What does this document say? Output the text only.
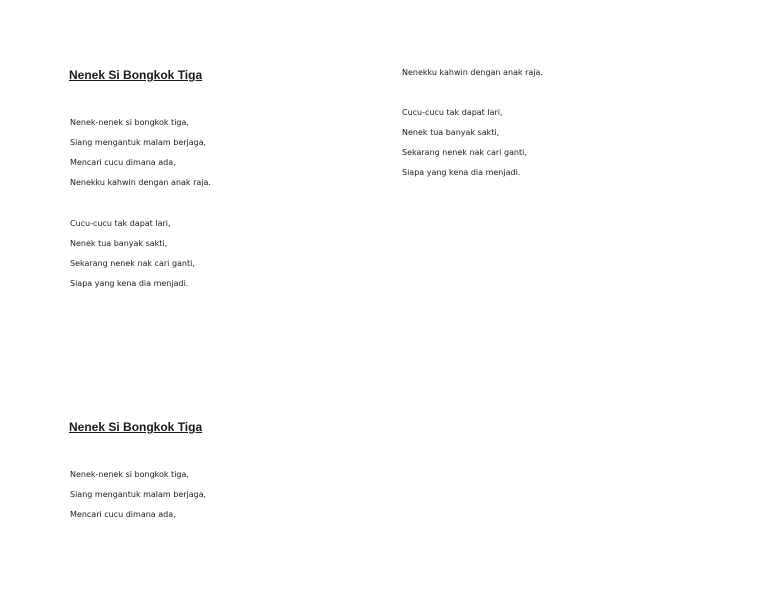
Nenek Si Bongkok Tiga

Nenek-nenek si bongkok tiga,

Siang mengantuk malam berjaga,

Mencari cucu dimana ada,

Nenekku kahwin dengan anak raja.

Cucu-cucu tak dapat lari,

Nenek tua banyak sakti,

Sekarang nenek nak cari ganti,

Siapa yang kena dia menjadi.

Nenekku kahwin dengan anak raja.

Cucu-cucu tak dapat lari,

Nenek tua banyak sakti,

Sekarang nenek nak cari ganti,

Siapa yang kena dia menjadi.

Nenek Si Bongkok Tiga

Nenek-nenek si bongkok tiga,

Siang mengantuk malam berjaga,

Mencari cucu dimana ada,
